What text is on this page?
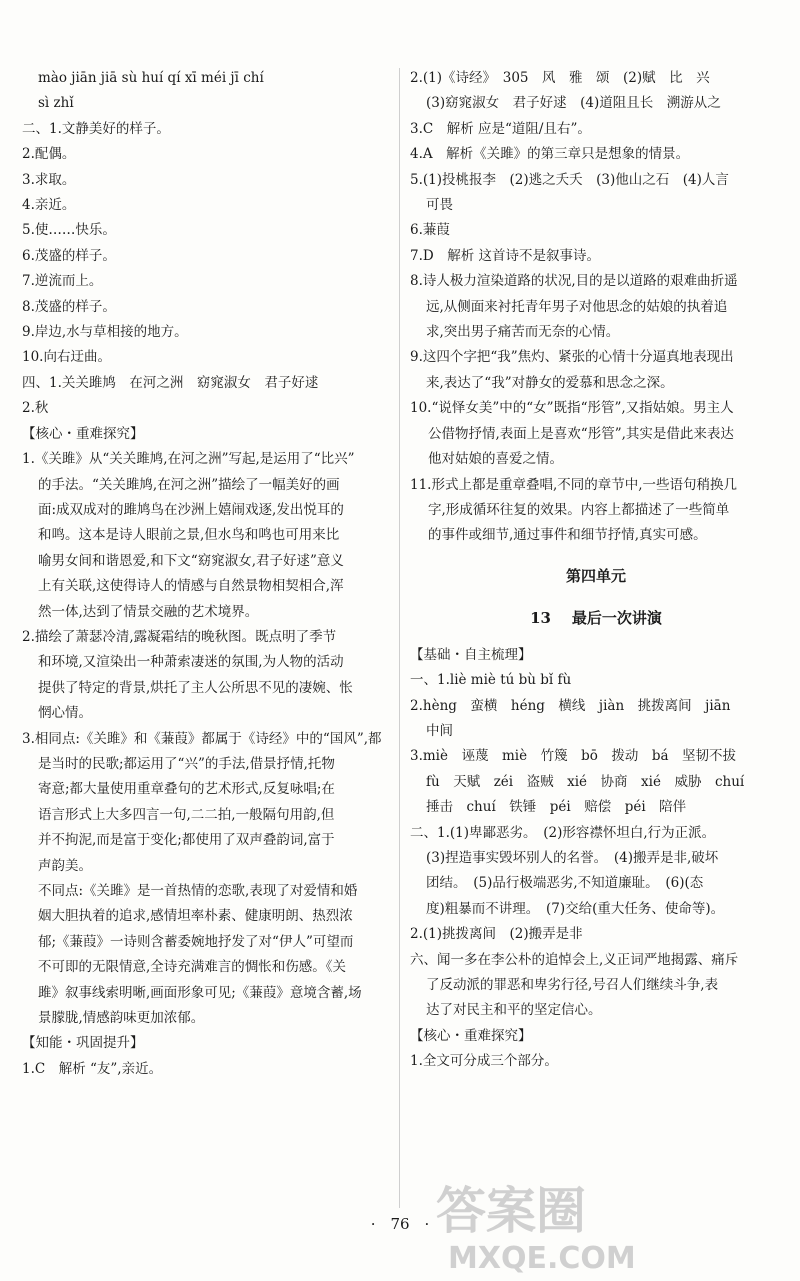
mào jiān jiā sù huí qí xī méi jī chí
sì zhǐ
二、1.文静美好的样子。
2.配偶。
3.求取。
4.亲近。
5.使……快乐。
6.茂盛的样子。
7.逆流而上。
8.茂盛的样子。
9.岸边,水与草相接的地方。
10.向右迂曲。
四、1.关关雎鸠　在河之洲　窈窕淑女　君子好逑
2.秋
【核心・重难探究】
1.《关雎》从“关关雎鸠,在河之洲”写起,是运用了“比兴”
的手法。“关关雎鸠,在河之洲”描绘了一幅美好的画
面:成双成对的雎鸠鸟在沙洲上嬉闹戏逐,发出悦耳的
和鸣。这本是诗人眼前之景,但水鸟和鸣也可用来比
喻男女间和谐恩爱,和下文“窈窕淑女,君子好逑”意义
上有关联,这使得诗人的情感与自然景物相契相合,浑
然一体,达到了情景交融的艺术境界。
2.描绘了萧瑟冷清,露凝霜结的晚秋图。既点明了季节
和环境,又渲染出一种萧索凄迷的氛围,为人物的活动
提供了特定的背景,烘托了主人公所思不见的凄婉、怅
惘心情。
3.相同点:《关雎》和《蒹葭》都属于《诗经》中的“国风”,都
是当时的民歌;都运用了“兴”的手法,借景抒情,托物
寄意;都大量使用重章叠句的艺术形式,反复咏唱;在
语言形式上大多四言一句,二二拍,一般隔句用韵,但
并不拘泥,而是富于变化;都使用了双声叠韵词,富于
声韵美。
不同点:《关雎》是一首热情的恋歌,表现了对爱情和婚
姻大胆执着的追求,感情坦率朴素、健康明朗、热烈浓
郁;《蒹葭》一诗则含蓄委婉地抒发了对“伊人”可望而
不可即的无限情意,全诗充满难言的惆怅和伤感。《关
雎》叙事线索明晰,画面形象可见;《蒹葭》意境含蓄,场
景朦胧,情感韵味更加浓郁。
【知能・巩固提升】
1.C　解析 “友”,亲近。
2.(1)《诗经》　305　风　雅　颂　(2)赋　比　兴
(3)窈窕淑女　君子好逑　(4)道阻且长　溯游从之
3.C　解析 应是“道阻/且右”。
4.A　解析《关雎》的第三章只是想象的情景。
5.(1)投桃报李　(2)逃之夭夭　(3)他山之石　(4)人言
可畏
6.蒹葭
7.D　解析 这首诗不是叙事诗。
8.诗人极力渲染道路的状况,目的是以道路的艰难曲折遥
远,从侧面来衬托青年男子对他思念的姑娘的执着追
求,突出男子痛苦而无奈的心情。
9.这四个字把“我”焦灼、紧张的心情十分逼真地表现出
来,表达了“我”对静女的爱慕和思念之深。
10.“说怿女美”中的“女”既指“彤管”,又指姑娘。男主人
公借物抒情,表面上是喜欢“彤管”,其实是借此来表达
他对姑娘的喜爱之情。
11.形式上都是重章叠唱,不同的章节中,一些语句稍换几
字,形成循环往复的效果。内容上都描述了一些简单
的事件或细节,通过事件和细节抒情,真实可感。
第四单元
13 最后一次讲演
【基础・自主梳理】
一、1.liè miè tú bù bǐ fù
2.hèng　蛮横　héng　横线　jiàn　挑拨离间　jiān
中间
3.miè　诬蔑　miè　竹篾　bō　拨动　bá　坚韧不拔
fù　天赋　zéi　盗贼　xié　协商　xié　威胁　chuí
捶击　chuí　铁锤　péi　赔偿　péi　陪伴
二、1.(1)卑鄙恶劣。　(2)形容襟怀坦白,行为正派。
(3)捏造事实毁坏别人的名誉。　(4)搬弄是非,破坏
团结。　(5)品行极端恶劣,不知道廉耻。　(6)(态
度)粗暴而不讲理。　(7)交给(重大任务、使命等)。
2.(1)挑拨离间　(2)搬弄是非
六、闻一多在李公朴的追悼会上,义正词严地揭露、痛斥
了反动派的罪恶和卑劣行径,号召人们继续斗争,表
达了对民主和平的坚定信心。
【核心・重难探究】
1.全文可分成三个部分。
·　76　· 答案圈
MXQE.COM
